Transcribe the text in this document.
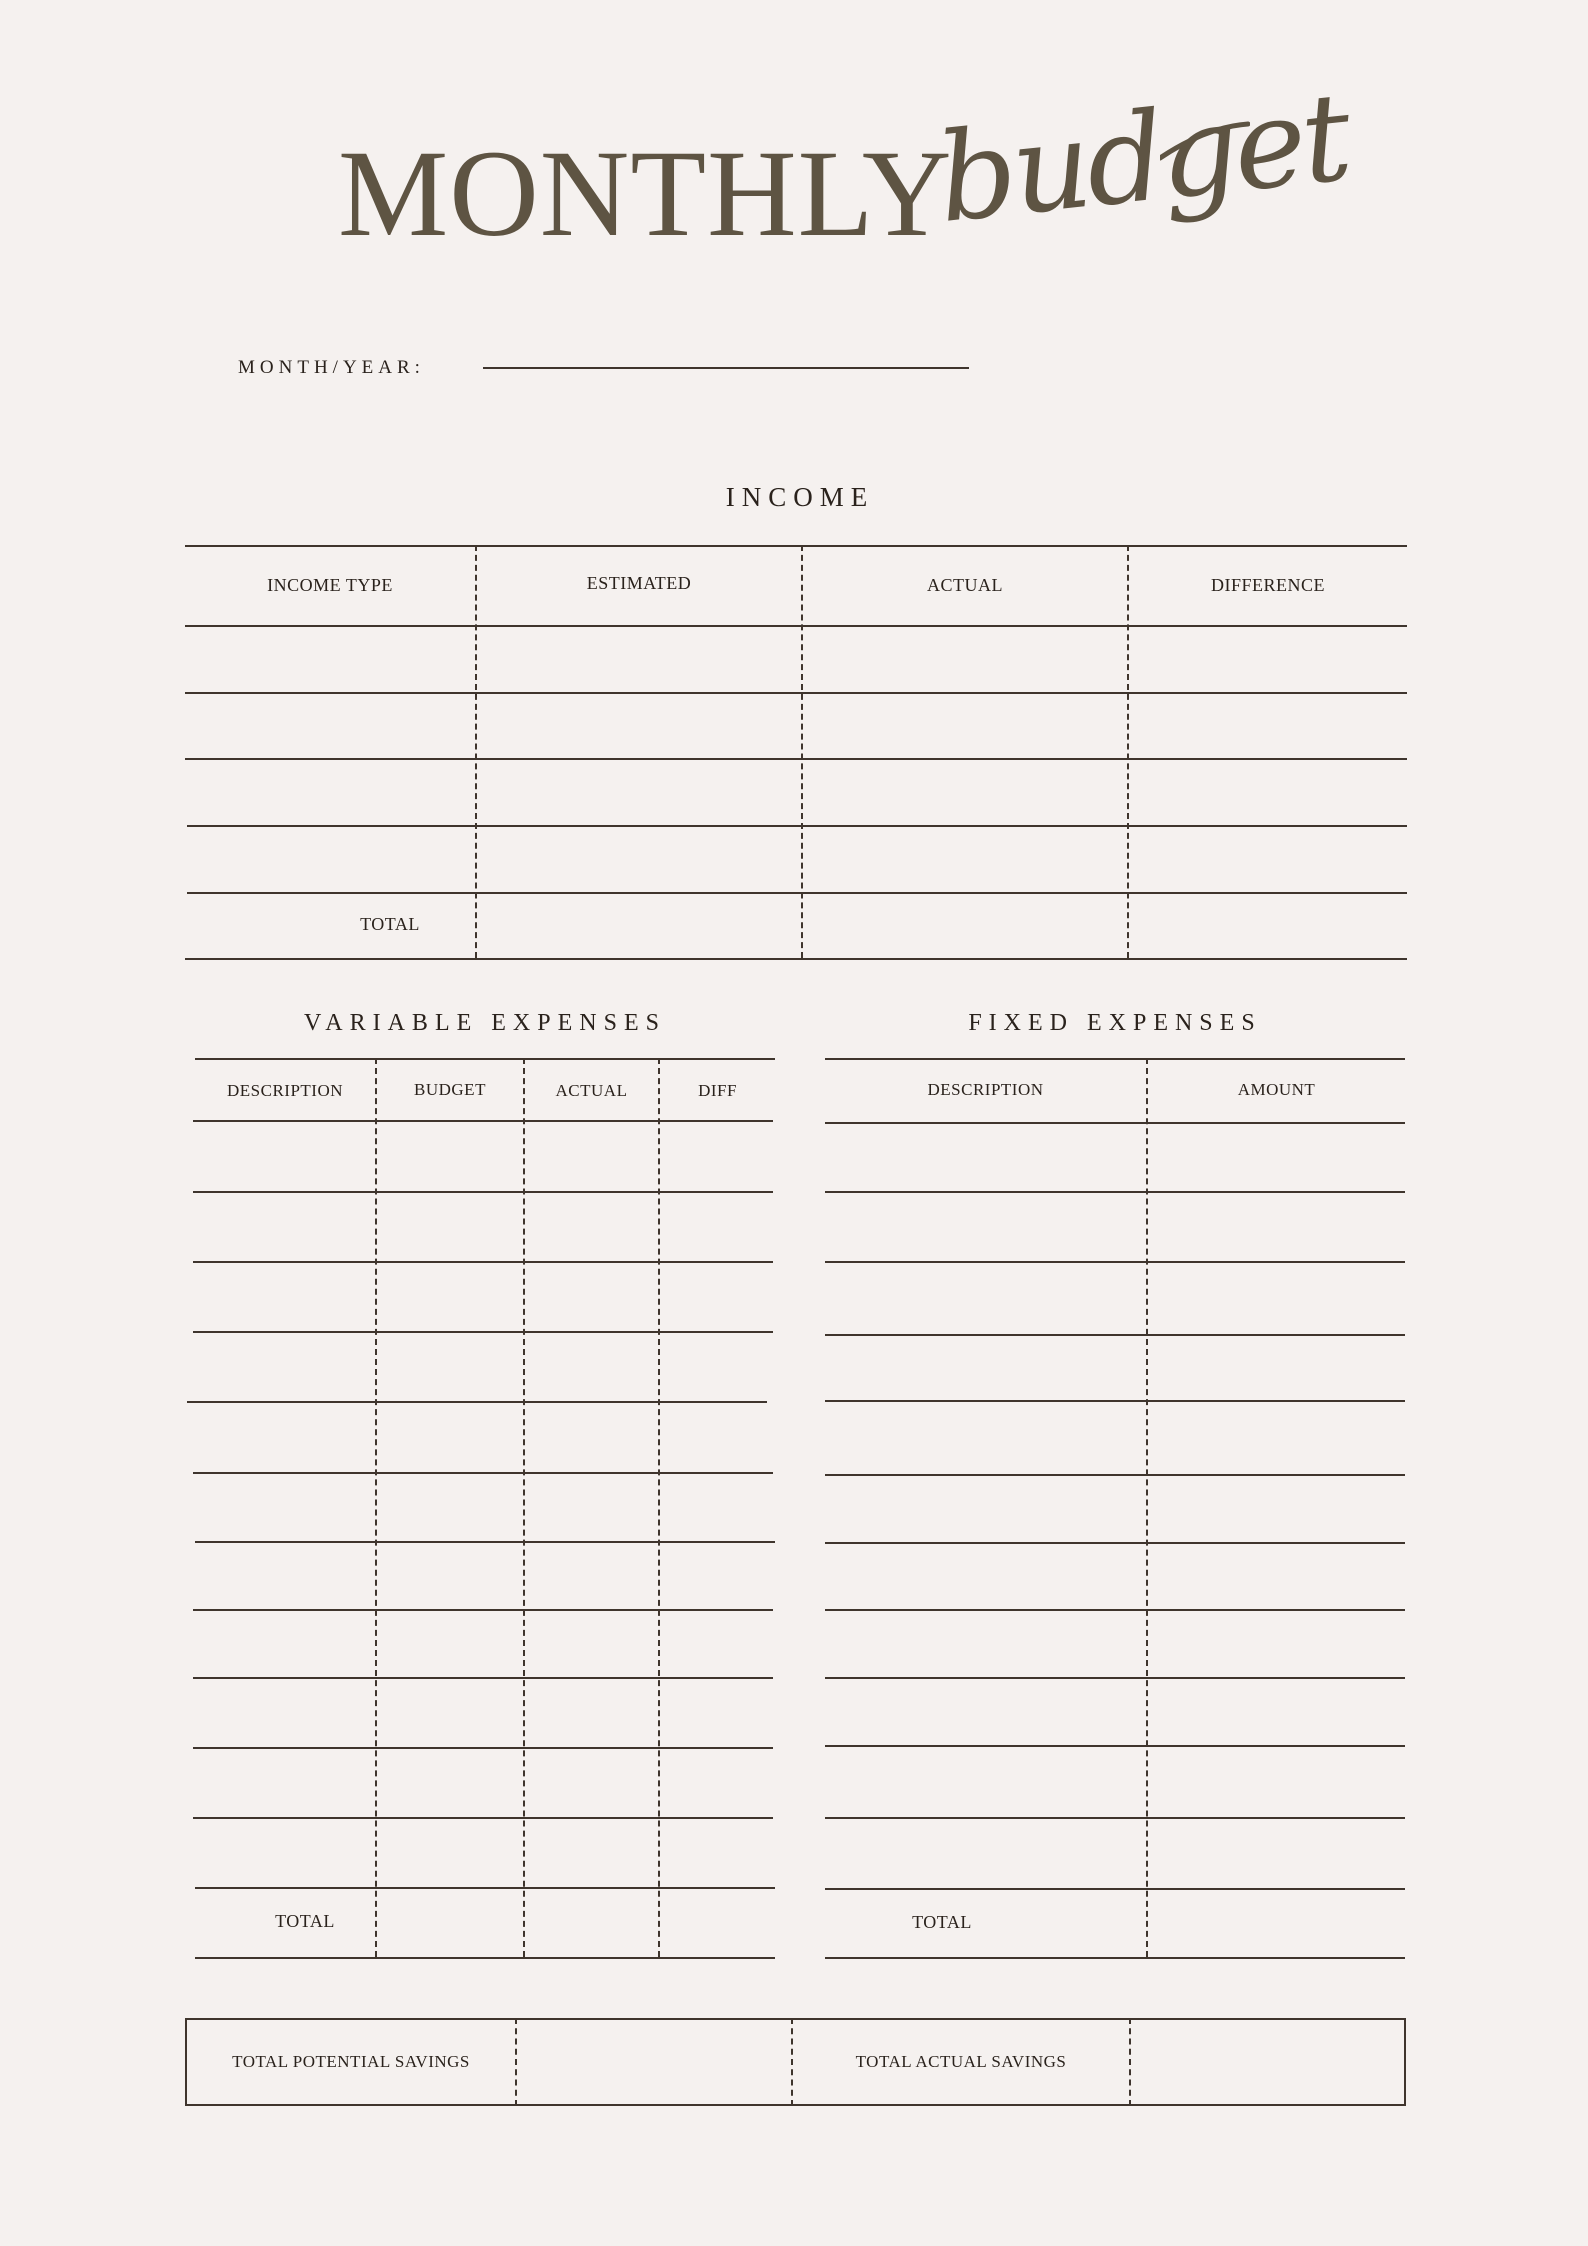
MONTHLY
budget
MONTH/YEAR:
INCOME
INCOME TYPE	ESTIMATED	ACTUAL	DIFFERENCE
TOTAL
VARIABLE EXPENSES
DESCRIPTION	BUDGET	ACTUAL	DIFF
TOTAL
FIXED EXPENSES
DESCRIPTION	AMOUNT
TOTAL
TOTAL POTENTIAL SAVINGS	TOTAL ACTUAL SAVINGS
